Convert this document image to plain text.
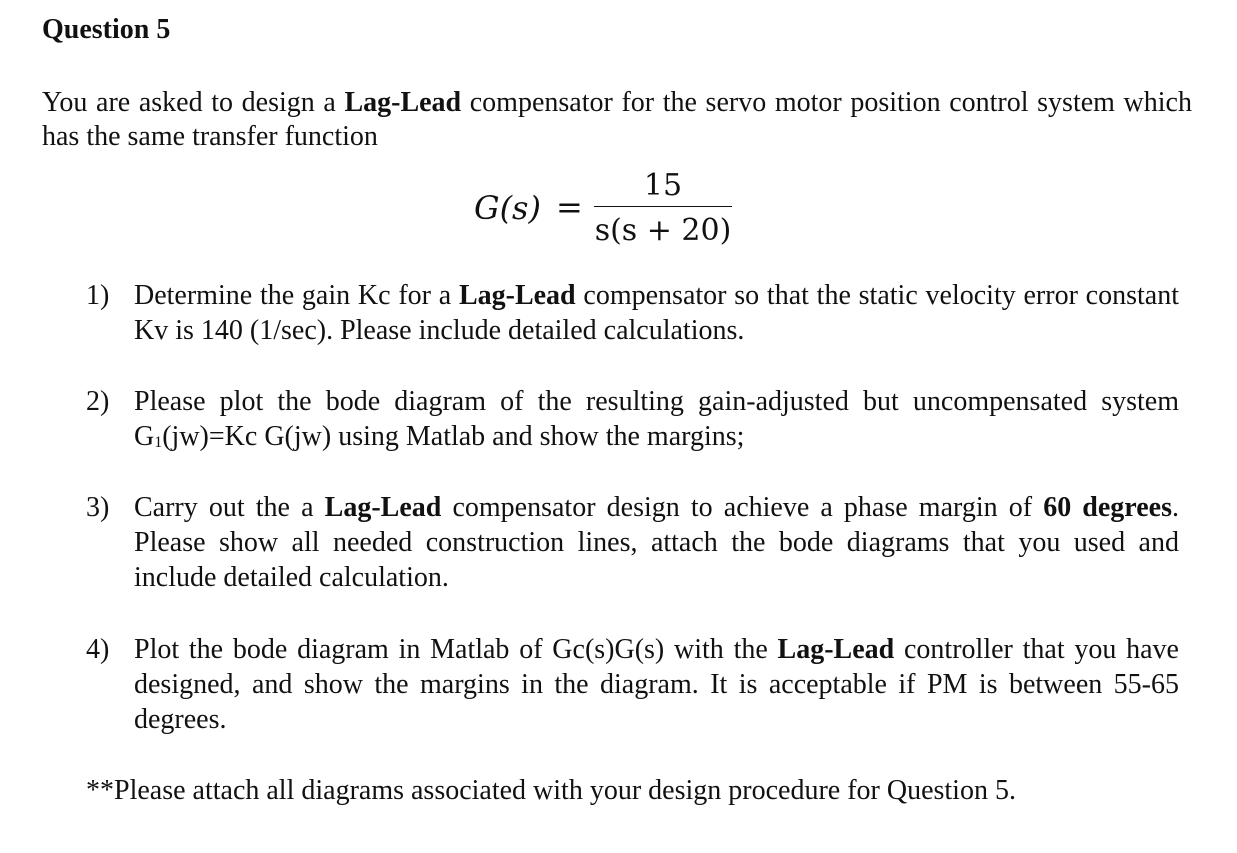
Question 5

You are asked to design a Lag-Lead compensator for the servo motor position control system which has the same transfer function

G(s) =
15
s(s + 20)
1) Determine the gain Kc for a Lag-Lead compensator so that the static velocity error constant Kv is 140 (1/sec). Please include detailed calculations.

2) Please plot the bode diagram of the resulting gain-adjusted but uncompensated system $G_1(jw)=Kc$ G(jw) using Matlab and show the margins;

3) Carry out the a Lag-Lead compensator design to achieve a phase margin of 60 degrees. Please show all needed construction lines, attach the bode diagrams that you used and include detailed calculation.

4) Plot the bode diagram in Matlab of Gc(s)G(s) with the Lag-Lead controller that you have designed, and show the margins in the diagram. It is acceptable if PM is between 55-65 degrees.

**Please attach all diagrams associated with your design procedure for Question 5.
